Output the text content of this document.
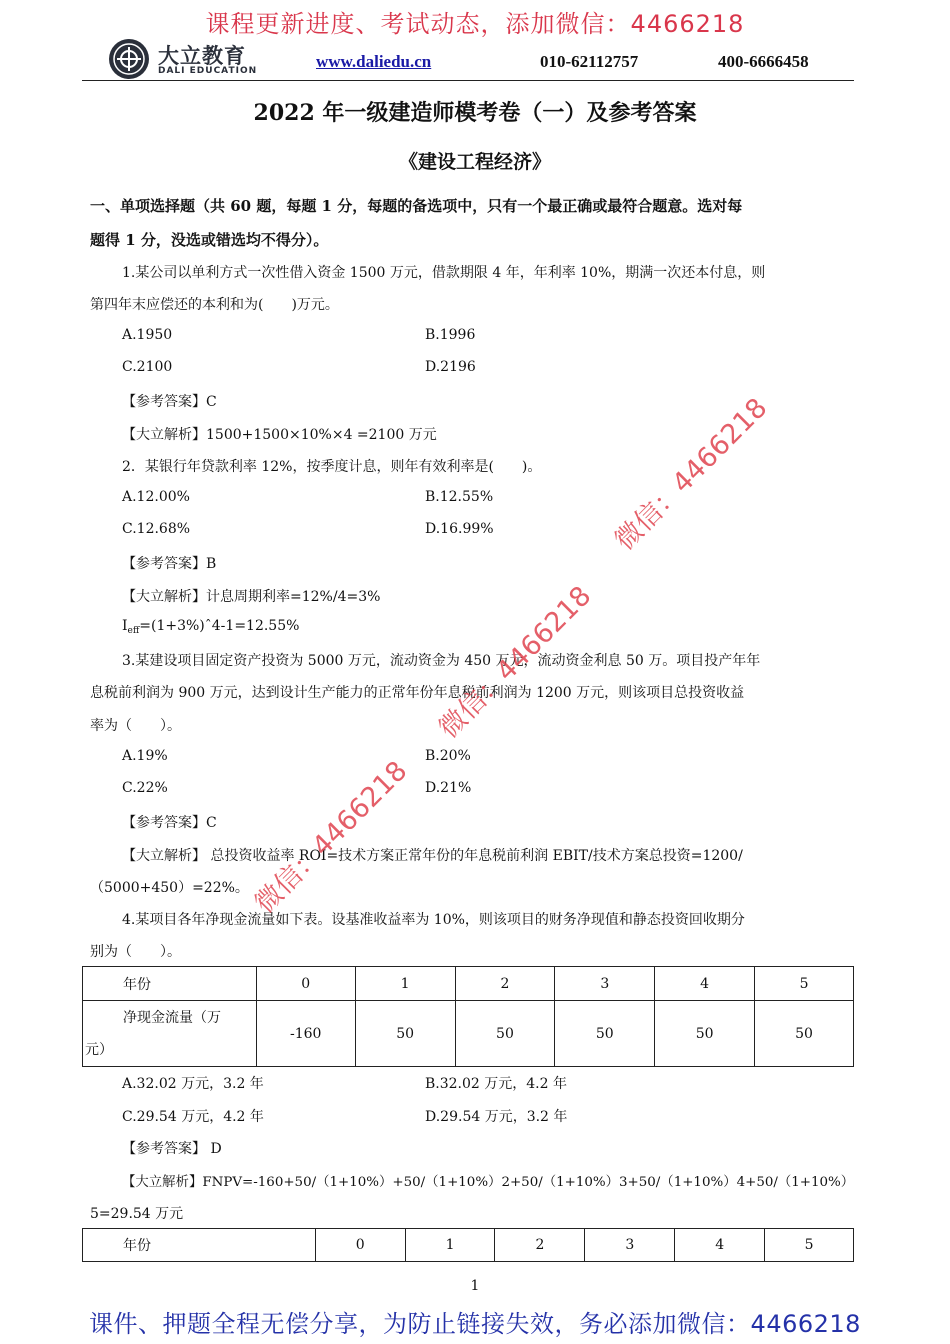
课程更新进度、考试动态，添加微信：4466218
大立教育
DALI EDUCATION	www.daliedu.cn	010-62112757	400-6666458
2022 年一级建造师模考卷（一）及参考答案
《建设工程经济》
一、单项选择题（共 60 题，每题 1 分，每题的备选项中，只有一个最正确或最符合题意。选对每
题得 1 分，没选或错选均不得分）。
1.某公司以单利方式一次性借入资金 1500 万元，借款期限 4 年，年利率 10%，期满一次还本付息，则
第四年末应偿还的本利和为(　　)万元。
A.1950	B.1996
C.2100	D.2196
【参考答案】C
【大立解析】1500+1500×10%×4 =2100 万元
2．某银行年贷款利率 12%，按季度计息，则年有效利率是(　　)。
A.12.00%	B.12.55%
C.12.68%	D.16.99%
【参考答案】B
【大立解析】计息周期利率=12%/4=3%
$I_{eff}=(1+3\%)ˆ4-1=12.55\%$
3.某建设项目固定资产投资为 5000 万元，流动资金为 450 万元，流动资金利息 50 万。项目投产年年
息税前利润为 900 万元，达到设计生产能力的正常年份年息税前利润为 1200 万元，则该项目总投资收益
率为（　　）。
A.19%	B.20%
C.22%	D.21%
【参考答案】C
【大立解析】 总投资收益率 ROI=技术方案正常年份的年息税前利润 EBIT/技术方案总投资=1200/
（5000+450）=22%。
4.某项目各年净现金流量如下表。设基准收益率为 10%，则该项目的财务净现值和静态投资回收期分
别为（　　）。
年份	0	1	2	3	4	5

净现金流量（万
元）	-160	50	50	50	50	50
A.32.02 万元，3.2 年	B.32.02 万元，4.2 年
C.29.54 万元，4.2 年	D.29.54 万元，3.2 年
【参考答案】 D
【大立解析】FNPV=-160+50/（1+10%）+50/（1+10%）2+50/（1+10%）3+50/（1+10%）4+50/（1+10%）
5=29.54 万元
年份	0	1	2	3	4	5
1
微信：4466218
微信：4466218
微信：4466218
课件、押题全程无偿分享，为防止链接失效，务必添加微信：4466218
